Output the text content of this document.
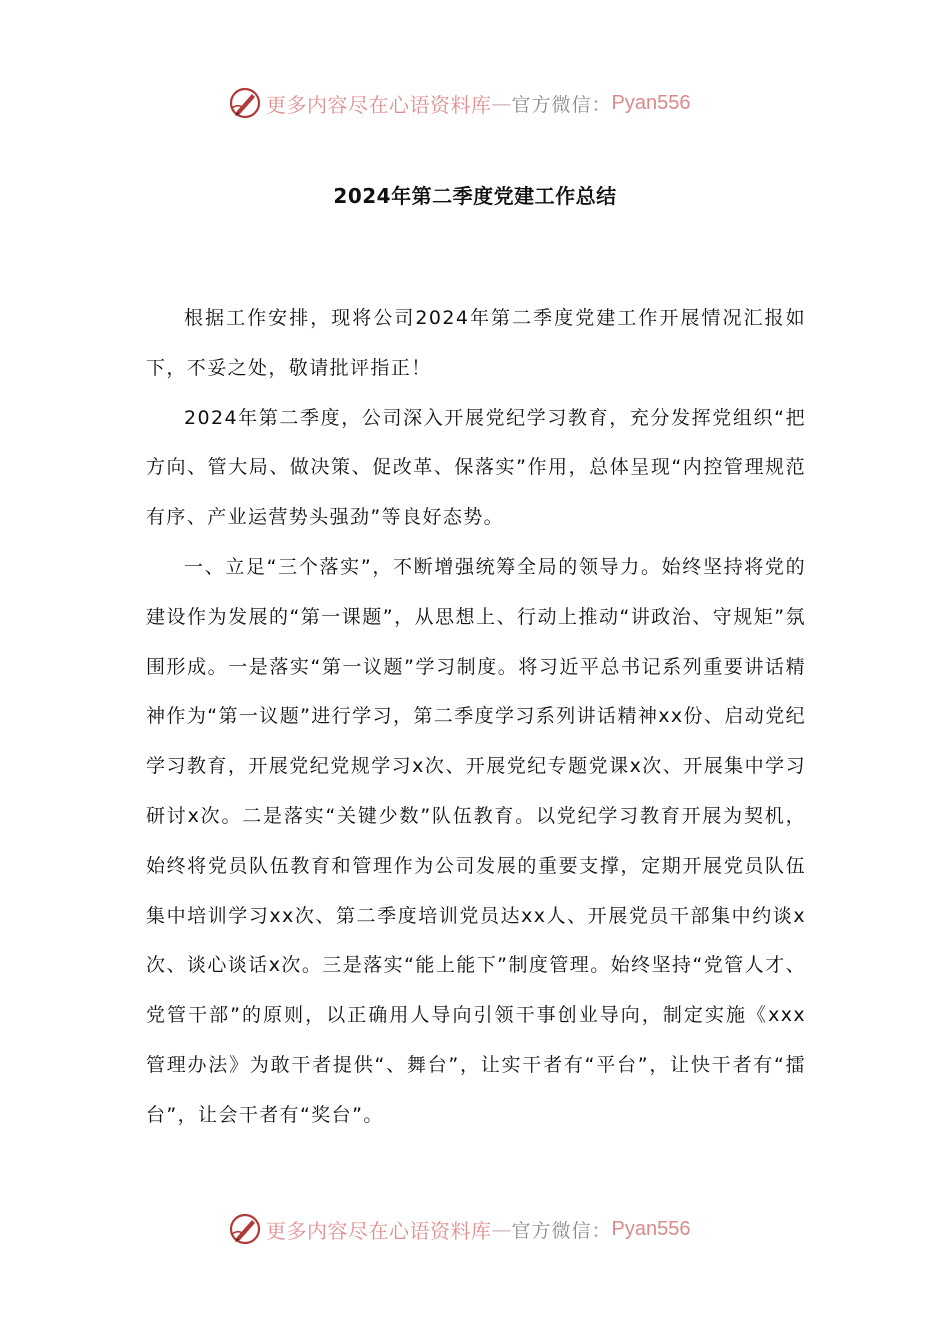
更多内容尽在心语资料库 — 官方微信： Pyan556
2024年第二季度党建工作总结

根据工作安排，现将公司2024年第二季度党建工作开展情况汇报如下，不妥之处，敬请批评指正！

2024年第二季度，公司深入开展党纪学习教育，充分发挥党组织“把方向、管大局、做决策、促改革、保落实”作用，总体呈现“内控管理规范有序、产业运营势头强劲”等良好态势。

一、立足“三个落实”，不断增强统筹全局的领导力。始终坚持将党的建设作为发展的“第一课题”，从思想上、行动上推动“讲政治、守规矩”氛围形成。一是落实“第一议题”学习制度。将习近平总书记系列重要讲话精神作为“第一议题”进行学习，第二季度学习系列讲话精神xx份、启动党纪学习教育，开展党纪党规学习x次、开展党纪专题党课x次、开展集中学习研讨x次。二是落实“关键少数”队伍教育。以党纪学习教育开展为契机，始终将党员队伍教育和管理作为公司发展的重要支撑，定期开展党员队伍集中培训学习xx次、第二季度培训党员达xx人、开展党员干部集中约谈x次、谈心谈话x次。三是落实“能上能下”制度管理。始终坚持“党管人才、党管干部”的原则，以正确用人导向引领干事创业导向，制定实施《xxx管理办法》为敢干者提供“、舞台”，让实干者有“平台”，让快干者有“擂台”，让会干者有“奖台”。

更多内容尽在心语资料库 — 官方微信： Pyan556
